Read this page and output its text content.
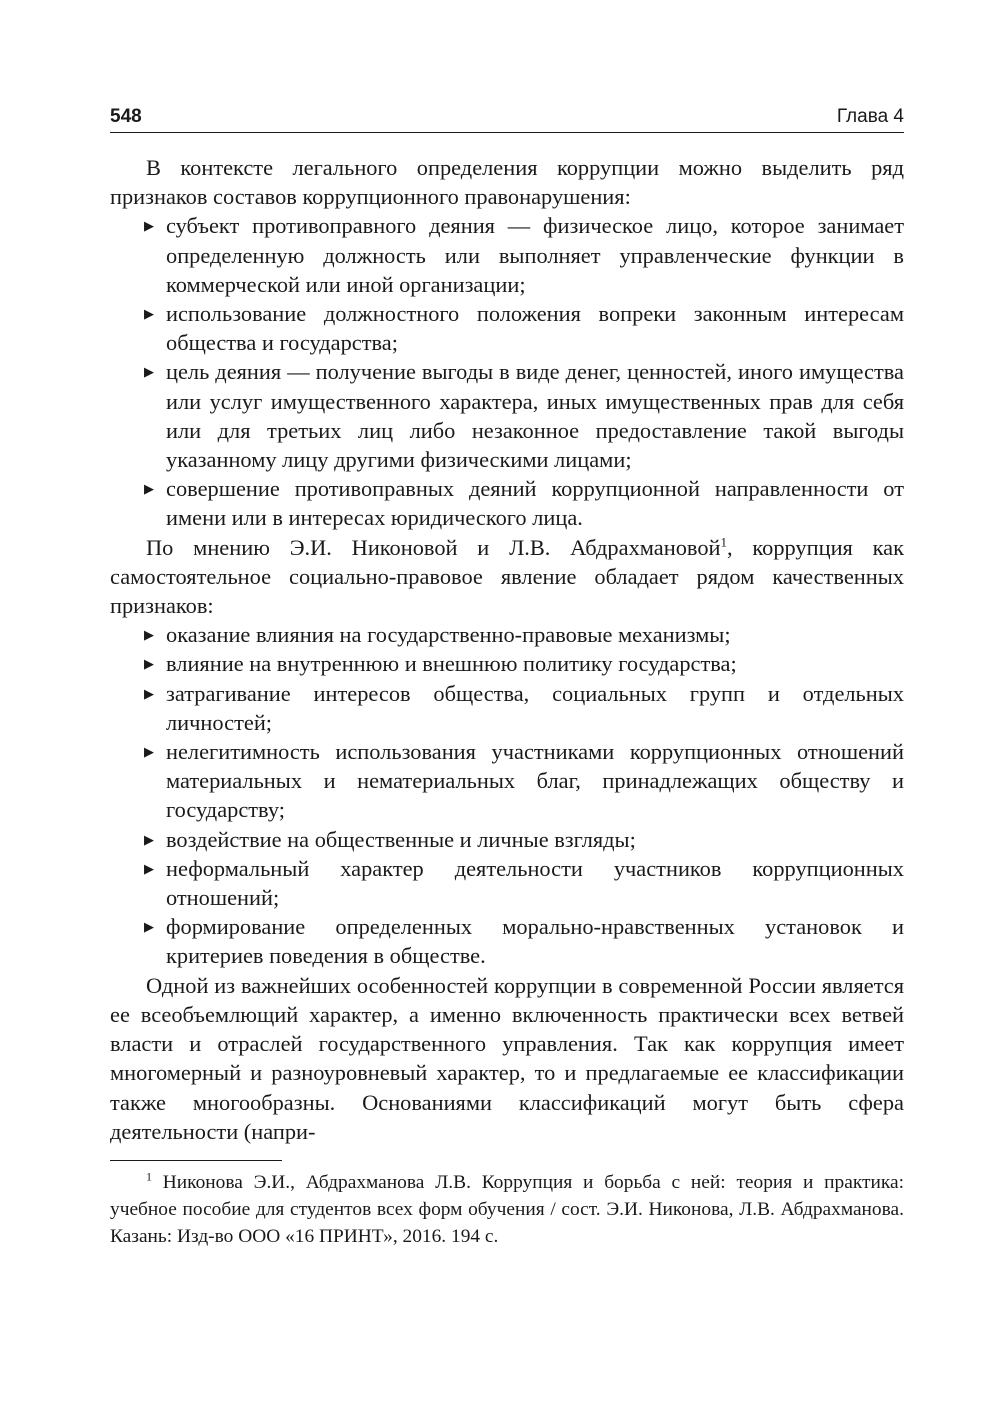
548	Глава 4

В контексте легального определения коррупции можно выделить ряд признаков составов коррупционного правонарушения:

▶ субъект противоправного деяния — физическое лицо, которое занимает определенную должность или выполняет управленческие функции в коммерческой или иной организации;
▶ использование должностного положения вопреки законным интересам общества и государства;
▶ цель деяния — получение выгоды в виде денег, ценностей, иного имущества или услуг имущественного характера, иных имущественных прав для себя или для третьих лиц либо незаконное предоставление такой выгоды указанному лицу другими физическими лицами;
▶ совершение противоправных деяний коррупционной направленности от имени или в интересах юридического лица.

По мнению Э.И. Никоновой и Л.В. Абдрахмановой$^1$, коррупция как самостоятельное социально-правовое явление обладает рядом качественных признаков:

▶ оказание влияния на государственно-правовые механизмы;
▶ влияние на внутреннюю и внешнюю политику государства;
▶ затрагивание интересов общества, социальных групп и отдельных личностей;
▶ нелегитимность использования участниками коррупционных отношений материальных и нематериальных благ, принадлежащих обществу и государству;
▶ воздействие на общественные и личные взгляды;
▶ неформальный характер деятельности участников коррупционных отношений;
▶ формирование определенных морально-нравственных установок и критериев поведения в обществе.

Одной из важнейших особенностей коррупции в современной России является ее всеобъемлющий характер, а именно включенность практически всех ветвей власти и отраслей государственного управления. Так как коррупция имеет многомерный и разноуровневый характер, то и предлагаемые ее классификации также многообразны. Основаниями классификаций могут быть сфера деятельности (напри-

$^1$ Никонова Э.И., Абдрахманова Л.В. Коррупция и борьба с ней: теория и практика: учебное пособие для студентов всех форм обучения / сост. Э.И. Никонова, Л.В. Абдрахманова. Казань: Изд-во ООО «16 ПРИНТ», 2016. 194 с.
